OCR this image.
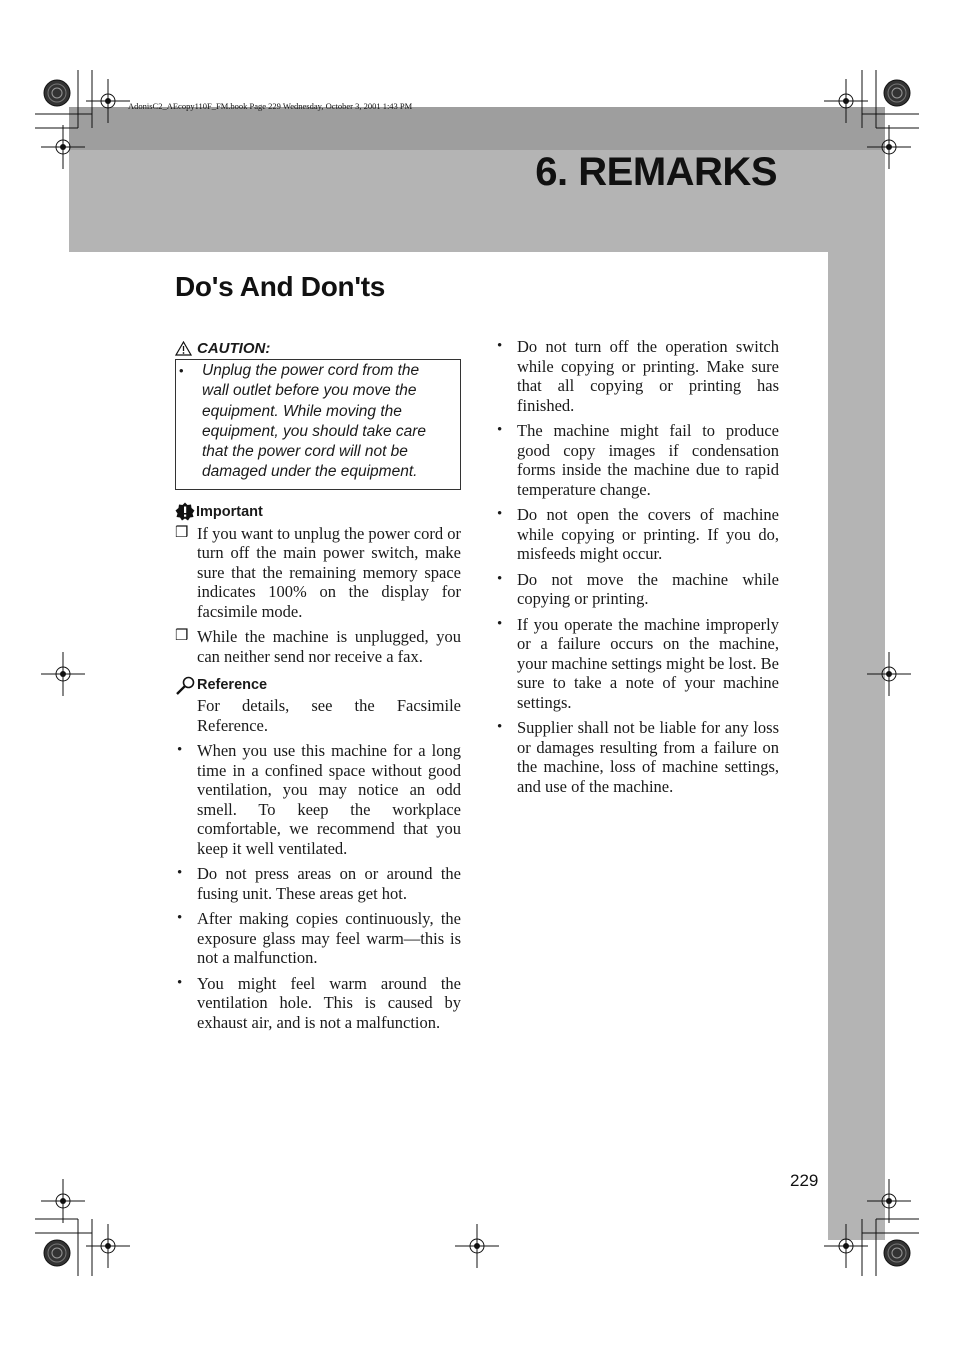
AdonisC2_AEcopy110F_FM.book Page 229 Wednesday, October 3, 2001 1:43 PM
6. REMARKS
Do's And Don'ts
CAUTION:
•	Unplug the power cord from the wall outlet before you move the equipment. While moving the equipment, you should take care that the power cord will not be damaged under the equipment.
Important
❒ If you want to unplug the power cord or turn off the main power switch, make sure that the remaining memory space indicates 100% on the display for facsimile mode.
❒ While the machine is unplugged, you can neither send nor receive a fax.
Reference
For details, see the Facsimile Reference.
• When you use this machine for a long time in a confined space without good ventilation, you may notice an odd smell. To keep the workplace comfortable, we recommend that you keep it well ventilated.
• Do not press areas on or around the fusing unit. These areas get hot.
• After making copies continuously, the exposure glass may feel warm—this is not a malfunction.
• You might feel warm around the ventilation hole. This is caused by exhaust air, and is not a malfunction.
• Do not turn off the operation switch while copying or printing. Make sure that all copying or printing has finished.
• The machine might fail to produce good copy images if condensation forms inside the machine due to rapid temperature change.
• Do not open the covers of machine while copying or printing. If you do, misfeeds might occur.
• Do not move the machine while copying or printing.
• If you operate the machine improperly or a failure occurs on the machine, your machine settings might be lost. Be sure to take a note of your machine settings.
• Supplier shall not be liable for any loss or damages resulting from a failure on the machine, loss of machine settings, and use of the machine.
229
